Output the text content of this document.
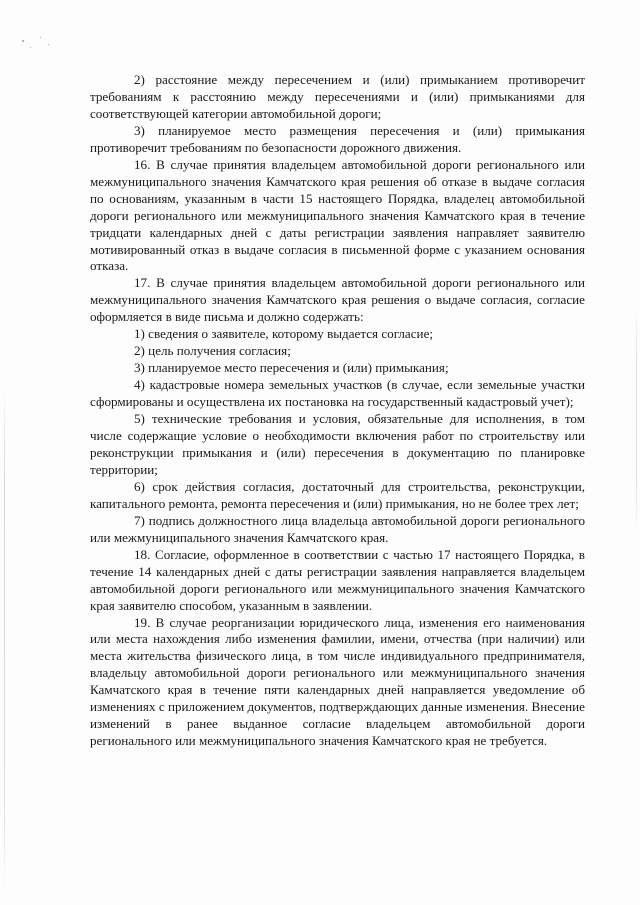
2) расстояние между пересечением и (или) примыканием противоречит требованиям к расстоянию между пересечениями и (или) примыканиями для соответствующей категории автомобильной дороги;

3) планируемое место размещения пересечения и (или) примыкания противоречит требованиям по безопасности дорожного движения.

16. В случае принятия владельцем автомобильной дороги регионального или межмуниципального значения Камчатского края решения об отказе в выдаче согласия по основаниям, указанным в части 15 настоящего Порядка, владелец автомобильной дороги регионального или межмуниципального значения Камчатского края в течение тридцати календарных дней с даты регистрации заявления направляет заявителю мотивированный отказ в выдаче согласия в письменной форме с указанием основания отказа.

17. В случае принятия владельцем автомобильной дороги регионального или межмуниципального значения Камчатского края решения о выдаче согласия, согласие оформляется в виде письма и должно содержать:

1) сведения о заявителе, которому выдается согласие;

2) цель получения согласия;

3) планируемое место пересечения и (или) примыкания;

4) кадастровые номера земельных участков (в случае, если земельные участки сформированы и осуществлена их постановка на государственный кадастровый учет);

5) технические требования и условия, обязательные для исполнения, в том числе содержащие условие о необходимости включения работ по строительству или реконструкции примыкания и (или) пересечения в документацию по планировке территории;

6) срок действия согласия, достаточный для строительства, реконструкции, капитального ремонта, ремонта пересечения и (или) примыкания, но не более трех лет;

7) подпись должностного лица владельца автомобильной дороги регионального или межмуниципального значения Камчатского края.

18. Согласие, оформленное в соответствии с частью 17 настоящего Порядка, в течение 14 календарных дней с даты регистрации заявления направляется владельцем автомобильной дороги регионального или межмуниципального значения Камчатского края заявителю способом, указанным в заявлении.

19. В случае реорганизации юридического лица, изменения его наименования или места нахождения либо изменения фамилии, имени, отчества (при наличии) или места жительства физического лица, в том числе индивидуального предпринимателя, владельцу автомобильной дороги регионального или межмуниципального значения Камчатского края в течение пяти календарных дней направляется уведомление об изменениях с приложением документов, подтверждающих данные изменения. Внесение изменений в ранее выданное согласие владельцем автомобильной дороги регионального или межмуниципального значения Камчатского края не требуется.
